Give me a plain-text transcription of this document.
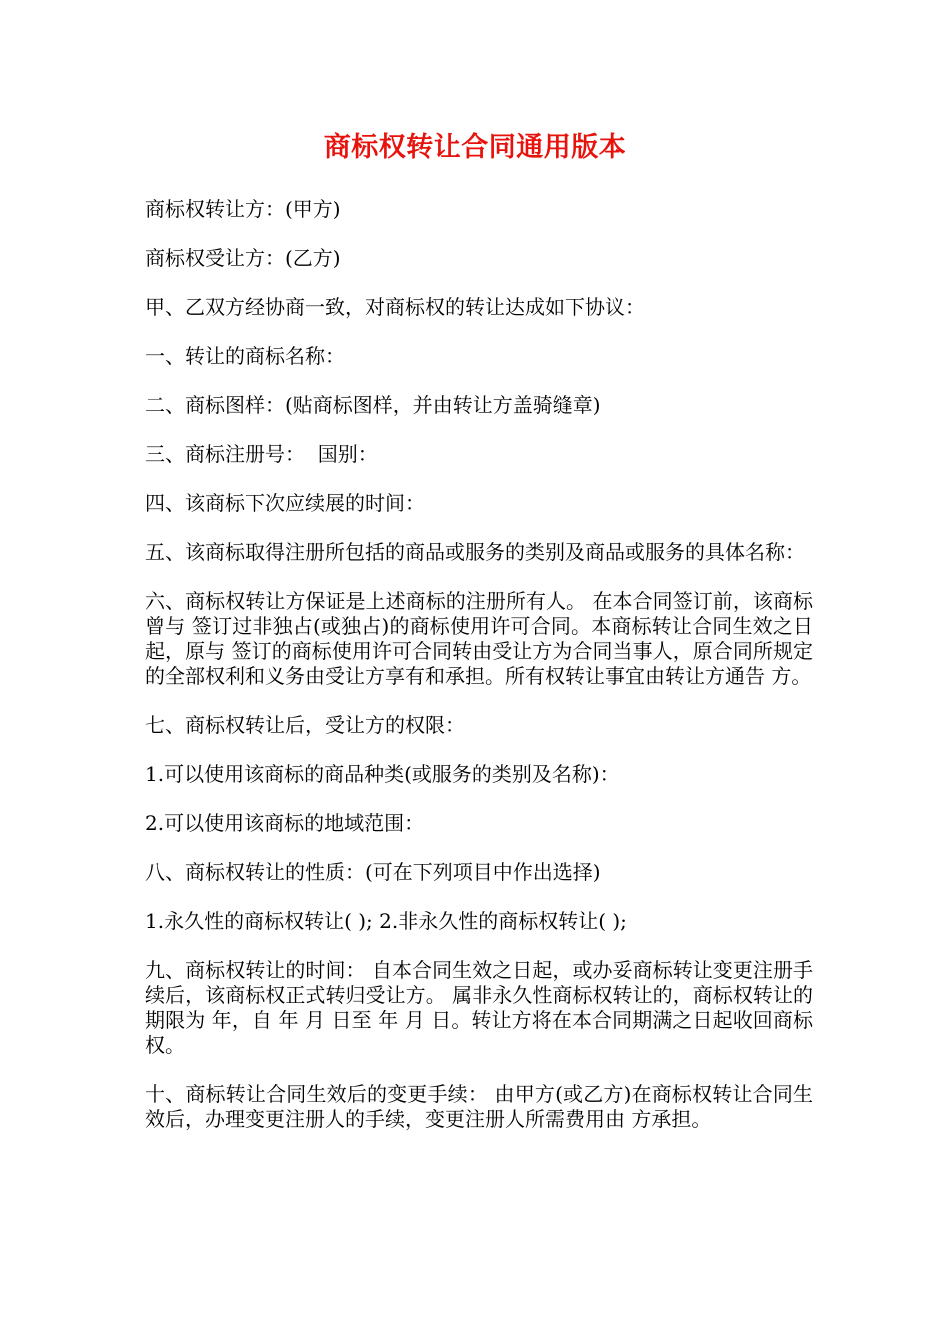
商标权转让合同通用版本

商标权转让方：(甲方)

商标权受让方：(乙方)

甲、乙双方经协商一致，对商标权的转让达成如下协议：

一、转让的商标名称：

二、商标图样：(贴商标图样，并由转让方盖骑缝章)

三、商标注册号：  国别：

四、该商标下次应续展的时间：

五、该商标取得注册所包括的商品或服务的类别及商品或服务的具体名称：

六、商标权转让方保证是上述商标的注册所有人。 在本合同签订前，该商标曾与 签订过非独占(或独占)的商标使用许可合同。本商标转让合同生效之日起，原与 签订的商标使用许可合同转由受让方为合同当事人，原合同所规定的全部权利和义务由受让方享有和承担。所有权转让事宜由转让方通告 方。

七、商标权转让后，受让方的权限：

1.可以使用该商标的商品种类(或服务的类别及名称)：

2.可以使用该商标的地域范围：

八、商标权转让的性质：(可在下列项目中作出选择)

1.永久性的商标权转让( ); 2.非永久性的商标权转让( );

九、商标权转让的时间： 自本合同生效之日起，或办妥商标转让变更注册手续后，该商标权正式转归受让方。 属非永久性商标权转让的，商标权转让的期限为 年，自 年 月 日至 年 月 日。转让方将在本合同期满之日起收回商标权。

十、商标转让合同生效后的变更手续： 由甲方(或乙方)在商标权转让合同生效后，办理变更注册人的手续，变更注册人所需费用由 方承担。
